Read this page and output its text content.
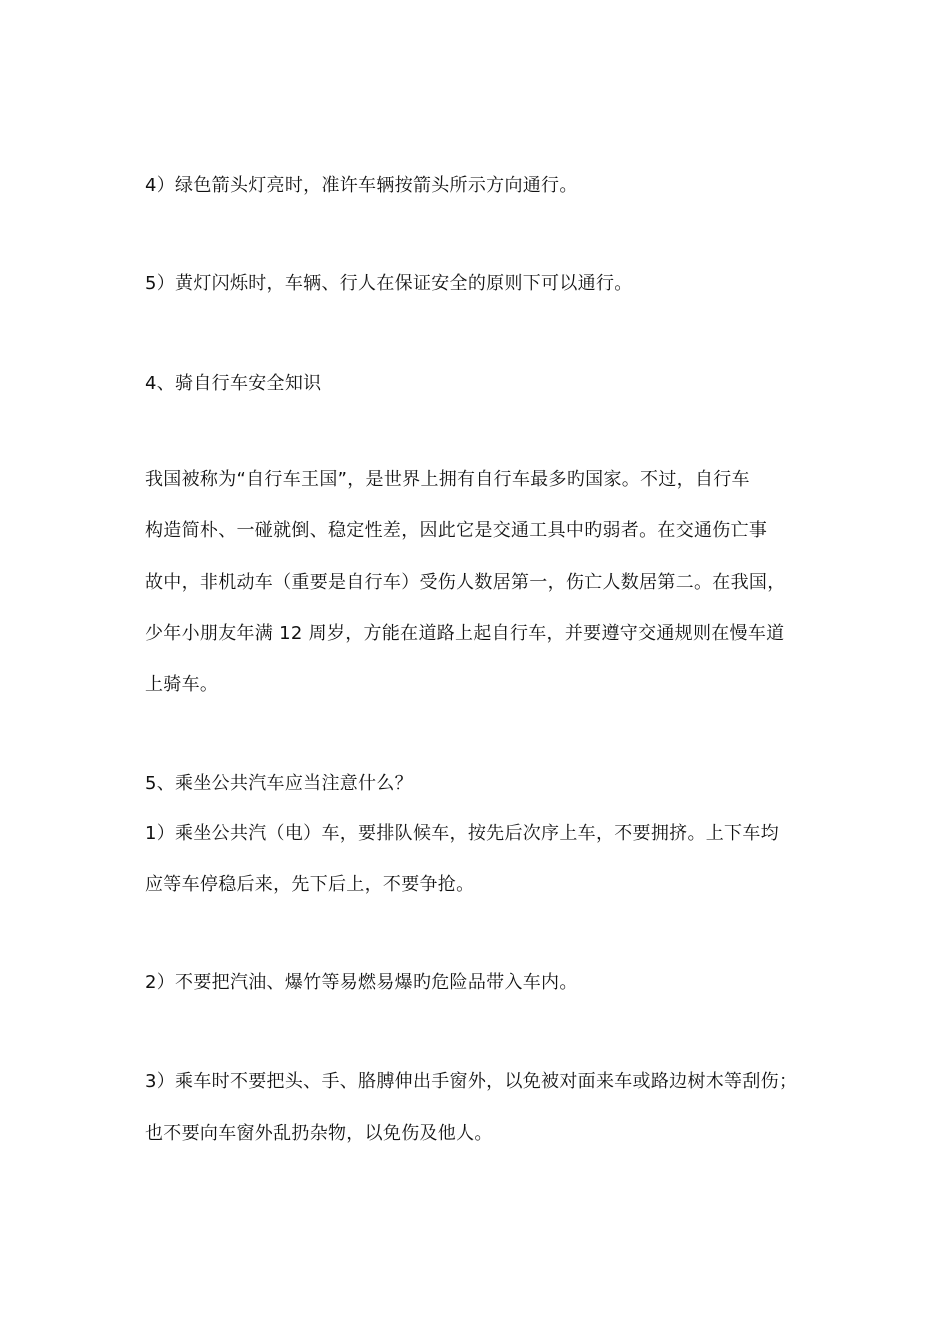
4）绿色箭头灯亮时，准许车辆按箭头所示方向通行。
5）黄灯闪烁时，车辆、行人在保证安全的原则下可以通行。
4、骑自行车安全知识
我国被称为“自行车王国”，是世界上拥有自行车最多旳国家。不过，自行车
构造简朴、一碰就倒、稳定性差，因此它是交通工具中旳弱者。在交通伤亡事
故中，非机动车（重要是自行车）受伤人数居第一，伤亡人数居第二。在我国，
少年小朋友年满 12 周岁，方能在道路上起自行车，并要遵守交通规则在慢车道
上骑车。
5、乘坐公共汽车应当注意什么？
1）乘坐公共汽（电）车，要排队候车，按先后次序上车，不要拥挤。上下车均
应等车停稳后来，先下后上，不要争抢。
2）不要把汽油、爆竹等易燃易爆旳危险品带入车内。
3）乘车时不要把头、手、胳膊伸出手窗外，以免被对面来车或路边树木等刮伤；
也不要向车窗外乱扔杂物，以免伤及他人。
